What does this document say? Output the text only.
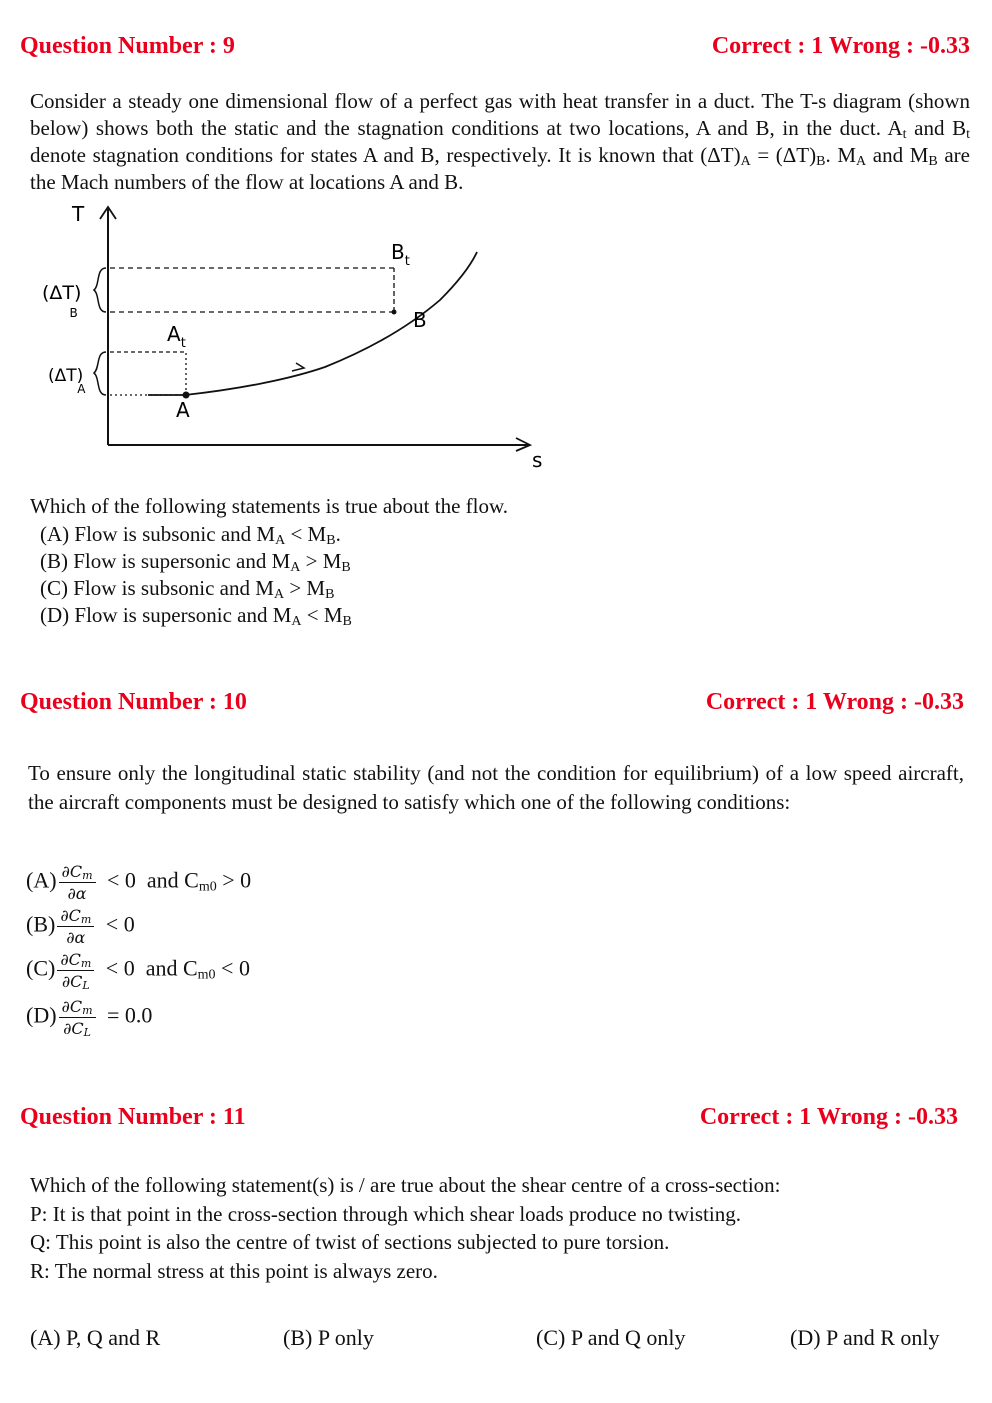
Question Number : 9	Correct : 1 Wrong : -0.33
Consider a steady one dimensional flow of a perfect gas with heat transfer in a duct. The T-s diagram (shown below) shows both the static and the stagnation conditions at two locations, A and B, in the duct. $A_t$ and $B_t$ denote stagnation conditions for states A and B, respectively. It is known that $(\Delta T)_A = (\Delta T)_B$. $M_A$ and $M_B$ are the Mach numbers of the flow at locations A and B.
T
s
A
$A_t$
B
$B_t$
(ΔT) B
(ΔT) A
Which of the following statements is true about the flow.
(A) Flow is subsonic and $M_A < M_B$.
(B) Flow is supersonic and $M_A > M_B$
(C) Flow is subsonic and $M_A > M_B$
(D) Flow is supersonic and $M_A < M_B$
Question Number : 10	Correct : 1 Wrong : -0.33
To ensure only the longitudinal static stability (and not the condition for equilibrium) of a low speed aircraft, the aircraft components must be designed to satisfy which one of the following conditions:
$(A) \frac{\partial C_m}{\partial\alpha} < 0$ and $C_{m0} > 0$
$(B) \frac{\partial C_m}{\partial\alpha} < 0$
$(C) \frac{\partial C_m}{\partial C_L} < 0$ and $C_{m0} < 0$
$(D) \frac{\partial C_m}{\partial C_L} = 0.0$
Question Number : 11	Correct : 1 Wrong : -0.33
Which of the following statement(s) is / are true about the shear centre of a cross-section:
P: It is that point in the cross-section through which shear loads produce no twisting.
Q: This point is also the centre of twist of sections subjected to pure torsion.
R: The normal stress at this point is always zero.
(A) P, Q and R	(B) P only	(C) P and Q only	(D) P and R only
